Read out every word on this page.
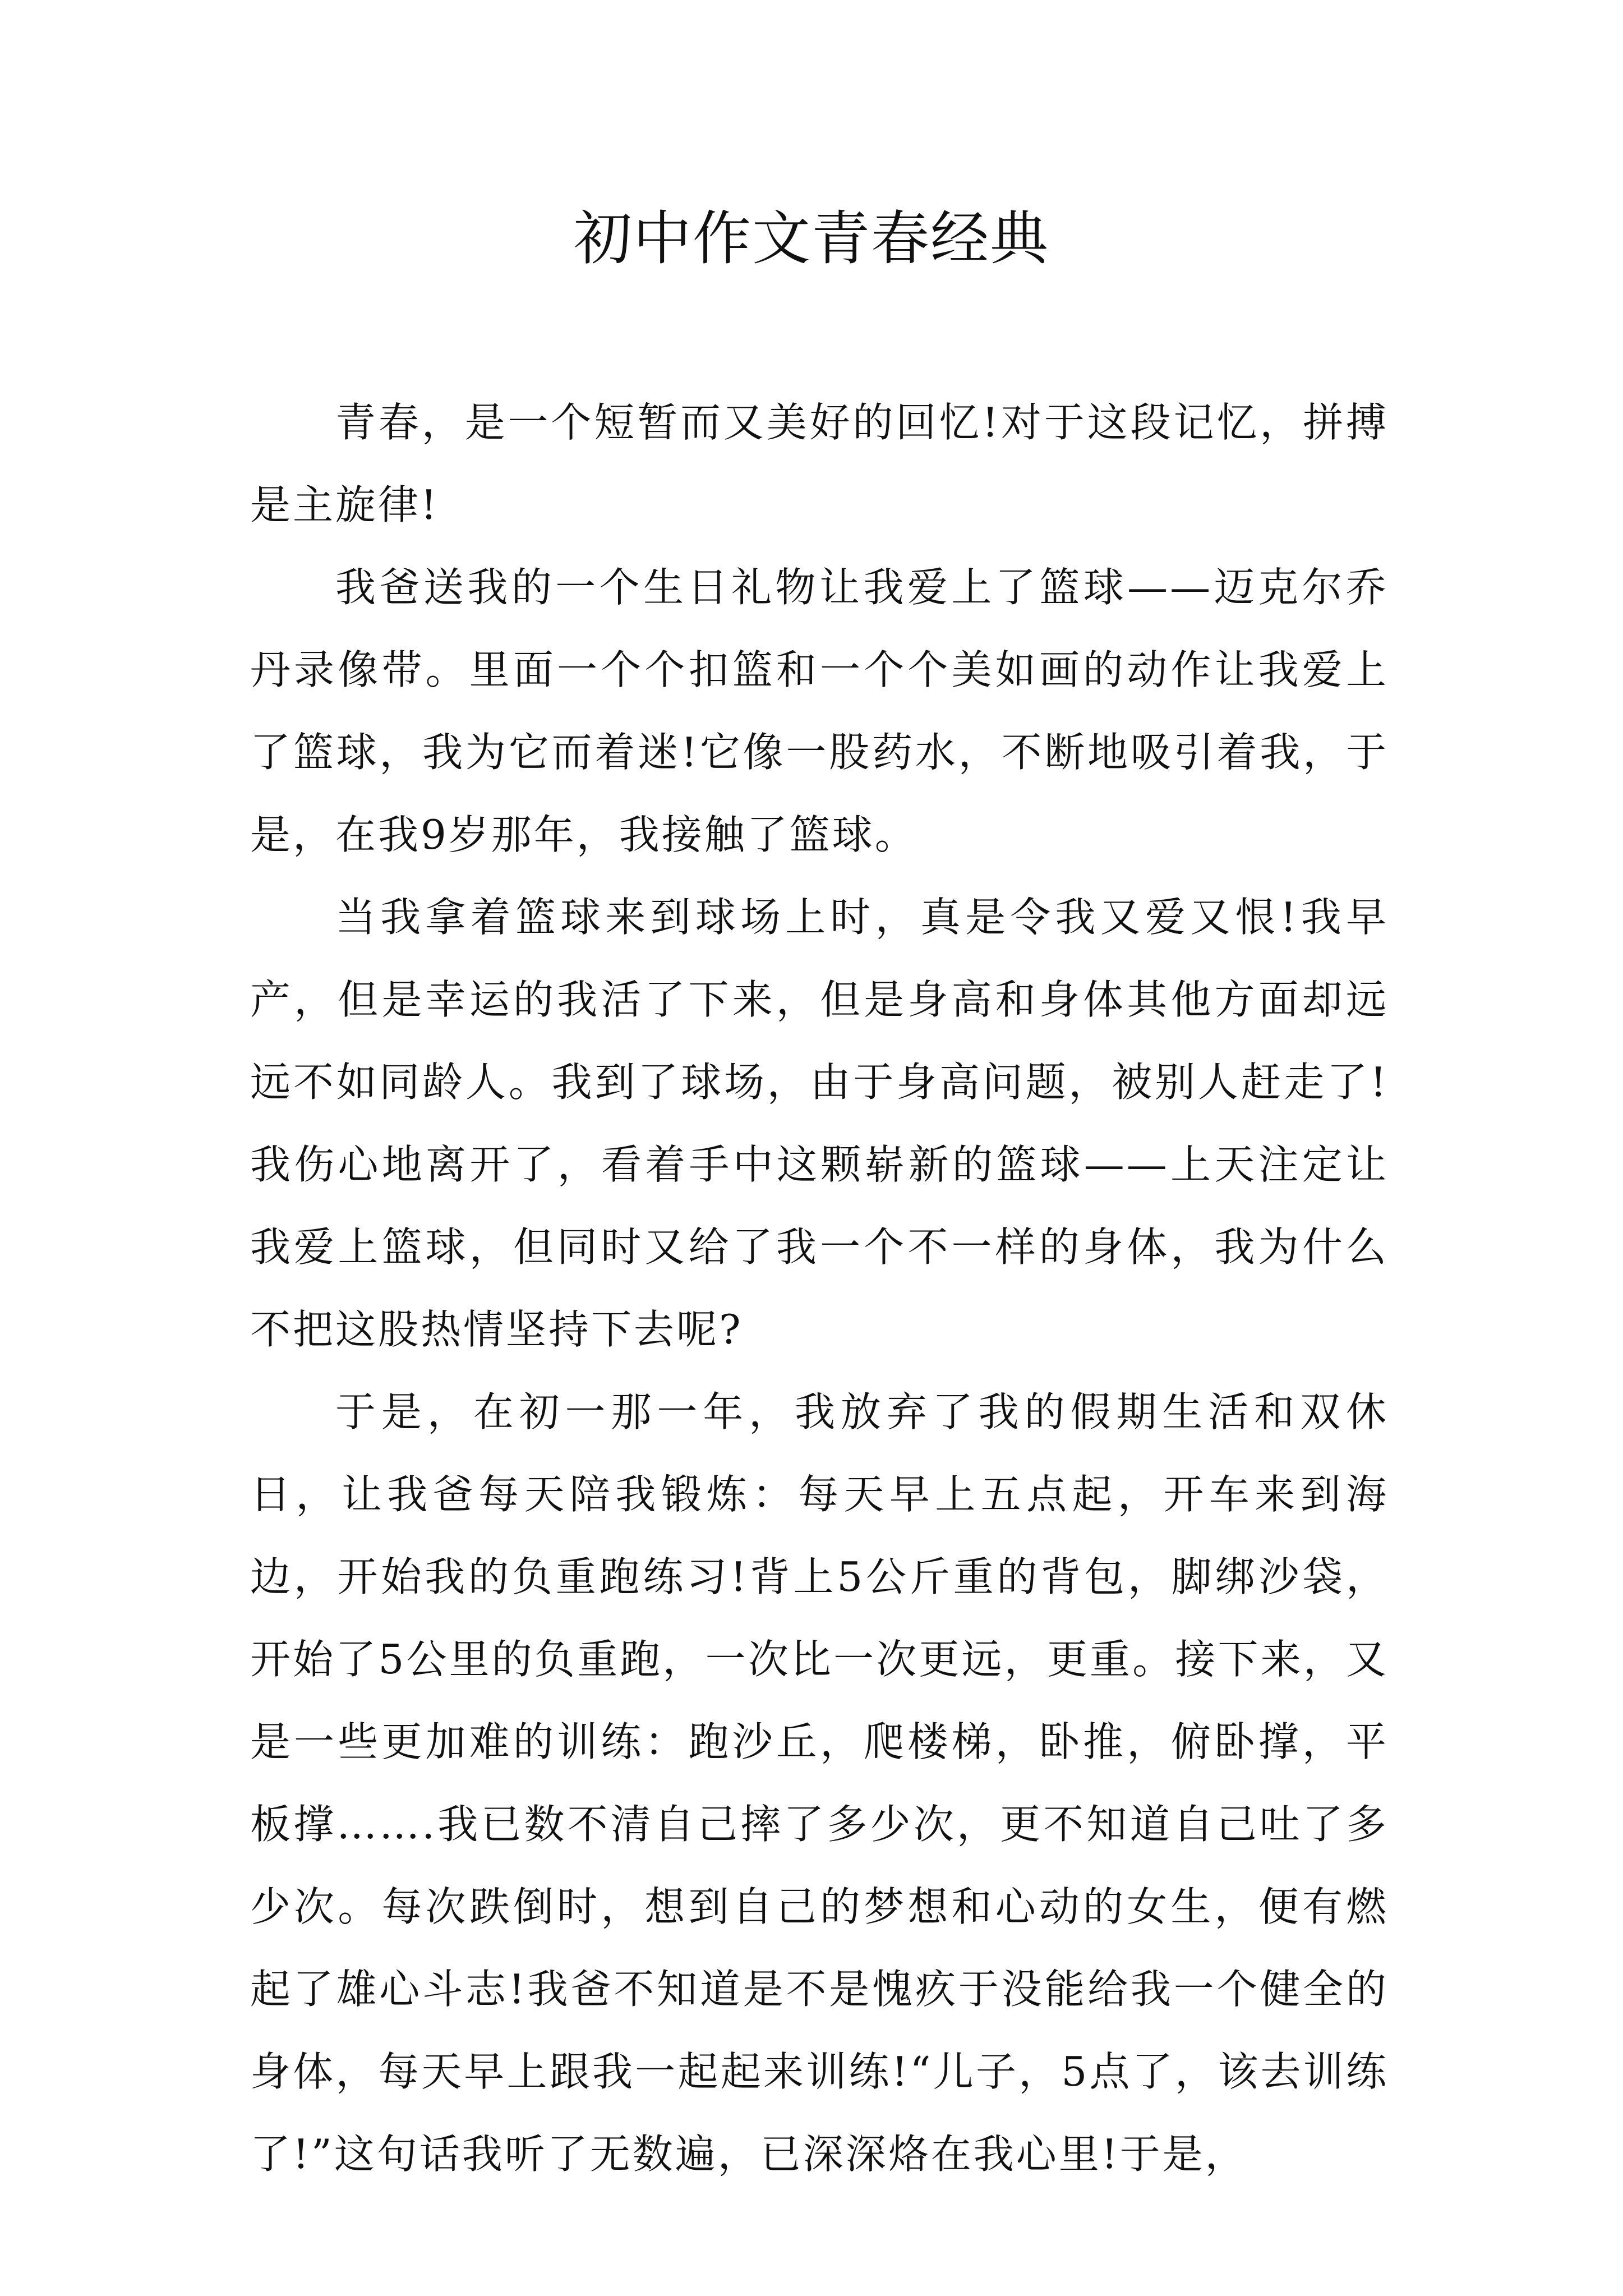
初中作文青春经典

青春，是一个短暂而又美好的回忆!对于这段记忆，拼搏是主旋律!

我爸送我的一个生日礼物让我爱上了篮球——迈克尔乔丹录像带。里面一个个扣篮和一个个美如画的动作让我爱上了篮球，我为它而着迷!它像一股药水，不断地吸引着我，于是，在我9岁那年，我接触了篮球。

当我拿着篮球来到球场上时，真是令我又爱又恨!我早产，但是幸运的我活了下来，但是身高和身体其他方面却远远不如同龄人。我到了球场，由于身高问题，被别人赶走了!我伤心地离开了，看着手中这颗崭新的篮球——上天注定让我爱上篮球，但同时又给了我一个不一样的身体，我为什么不把这股热情坚持下去呢?

于是，在初一那一年，我放弃了我的假期生活和双休日，让我爸每天陪我锻炼：每天早上五点起，开车来到海边，开始我的负重跑练习!背上5公斤重的背包，脚绑沙袋，开始了5公里的负重跑，一次比一次更远，更重。接下来，又是一些更加难的训练：跑沙丘，爬楼梯，卧推，俯卧撑，平板撑…….我已数不清自己摔了多少次，更不知道自己吐了多少次。每次跌倒时，想到自己的梦想和心动的女生，便有燃起了雄心斗志!我爸不知道是不是愧疚于没能给我一个健全的身体，每天早上跟我一起起来训练!“儿子，5点了，该去训练了!”这句话我听了无数遍，已深深烙在我心里!于是，
